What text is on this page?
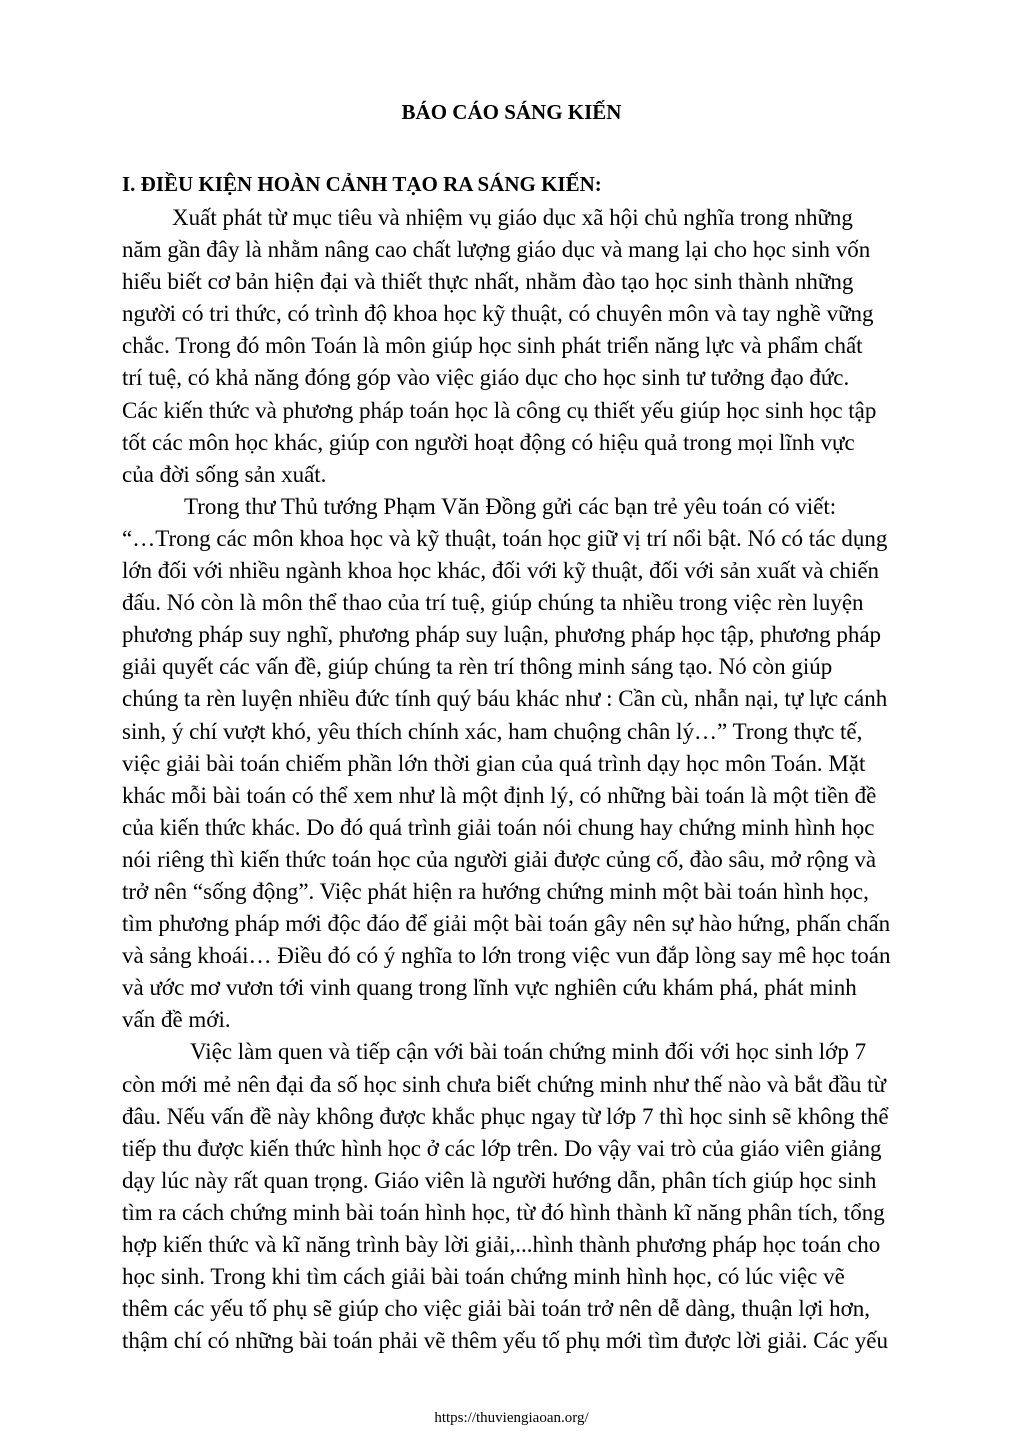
BÁO CÁO SÁNG KIẾN
I. ĐIỀU KIỆN HOÀN CẢNH TẠO RA SÁNG KIẾN:
Xuất phát từ mục tiêu và nhiệm vụ giáo dục xã hội chủ nghĩa trong những
năm gần đây là nhằm nâng cao chất lượng giáo dục và mang lại cho học sinh vốn
hiểu biết cơ bản hiện đại và thiết thực nhất, nhằm đào tạo học sinh thành những
người có tri thức, có trình độ khoa học kỹ thuật, có chuyên môn và tay nghề vững
chắc. Trong đó môn Toán là môn giúp học sinh phát triển năng lực và phẩm chất
trí tuệ, có khả năng đóng góp vào việc giáo dục cho học sinh tư tưởng đạo đức.
Các kiến thức và phương pháp toán học là công cụ thiết yếu giúp học sinh học tập
tốt các môn học khác, giúp con người hoạt động có hiệu quả trong mọi lĩnh vực
của đời sống sản xuất.
Trong thư Thủ tướng Phạm Văn Đồng gửi các bạn trẻ yêu toán có viết:
“…Trong các môn khoa học và kỹ thuật, toán học giữ vị trí nổi bật. Nó có tác dụng
lớn đối với nhiều ngành khoa học khác, đối với kỹ thuật, đối với sản xuất và chiến
đấu. Nó còn là môn thể thao của trí tuệ, giúp chúng ta nhiều trong việc rèn luyện
phương pháp suy nghĩ, phương pháp suy luận, phương pháp học tập, phương pháp
giải quyết các vấn đề, giúp chúng ta rèn trí thông minh sáng tạo. Nó còn giúp
chúng ta rèn luyện nhiều đức tính quý báu khác như : Cần cù, nhẫn nại, tự lực cánh
sinh, ý chí vượt khó, yêu thích chính xác, ham chuộng chân lý…” Trong thực tế,
việc giải bài toán chiếm phần lớn thời gian của quá trình dạy học môn Toán. Mặt
khác mỗi bài toán có thể xem như là một định lý, có những bài toán là một tiền đề
của kiến thức khác. Do đó quá trình giải toán nói chung hay chứng minh hình học
nói riêng thì kiến thức toán học của người giải được củng cố, đào sâu, mở rộng và
trở nên “sống động”. Việc phát hiện ra hướng chứng minh một bài toán hình học,
tìm phương pháp mới độc đáo để giải một bài toán gây nên sự hào hứng, phấn chấn
và sảng khoái… Điều đó có ý nghĩa to lớn trong việc vun đắp lòng say mê học toán
và ước mơ vươn tới vinh quang trong lĩnh vực nghiên cứu khám phá, phát minh
vấn đề mới.
Việc làm quen và tiếp cận với bài toán chứng minh đối với học sinh lớp 7
còn mới mẻ nên đại đa số học sinh chưa biết chứng minh như thế nào và bắt đầu từ
đâu. Nếu vấn đề này không được khắc phục ngay từ lớp 7 thì học sinh sẽ không thể
tiếp thu được kiến thức hình học ở các lớp trên. Do vậy vai trò của giáo viên giảng
dạy lúc này rất quan trọng. Giáo viên là người hướng dẫn, phân tích giúp học sinh
tìm ra cách chứng minh bài toán hình học, từ đó hình thành kĩ năng phân tích, tổng
hợp kiến thức và kĩ năng trình bày lời giải,...hình thành phương pháp học toán cho
học sinh. Trong khi tìm cách giải bài toán chứng minh hình học, có lúc việc vẽ
thêm các yếu tố phụ sẽ giúp cho việc giải bài toán trở nên dễ dàng, thuận lợi hơn,
thậm chí có những bài toán phải vẽ thêm yếu tố phụ mới tìm được lời giải. Các yếu
https://thuviengiaoan.org/
